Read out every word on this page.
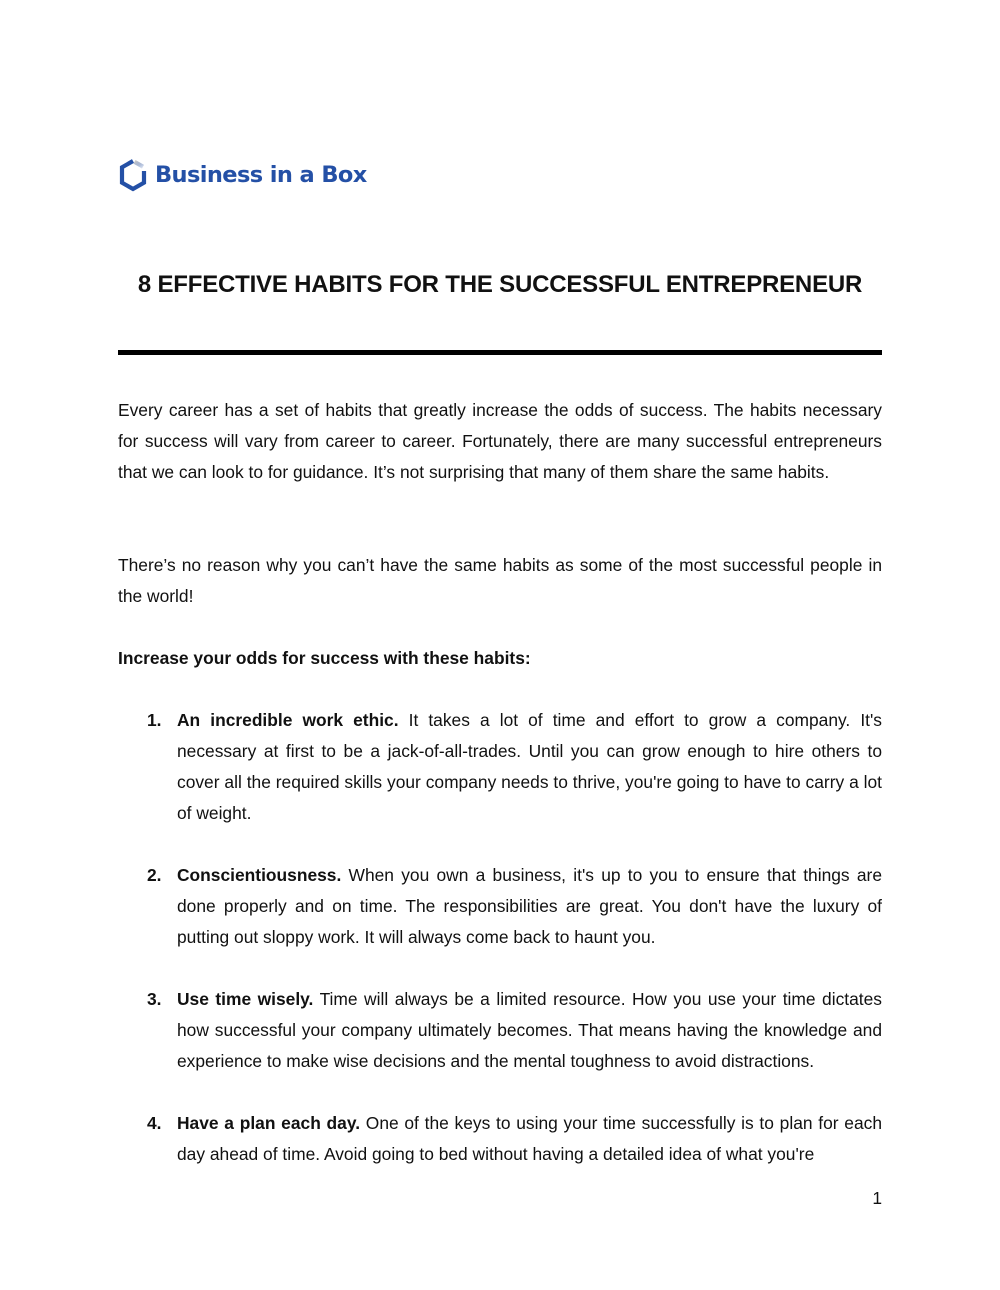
Business in a Box
8 EFFECTIVE HABITS FOR THE SUCCESSFUL ENTREPRENEUR

Every career has a set of habits that greatly increase the odds of success. The habits necessary for success will vary from career to career. Fortunately, there are many successful entrepreneurs that we can look to for guidance. It’s not surprising that many of them share the same habits.

There’s no reason why you can’t have the same habits as some of the most successful people in the world!

Increase your odds for success with these habits:

1. An incredible work ethic. It takes a lot of time and effort to grow a company. It's necessary at first to be a jack-of-all-trades. Until you can grow enough to hire others to cover all the required skills your company needs to thrive, you're going to have to carry a lot of weight.
2. Conscientiousness. When you own a business, it's up to you to ensure that things are done properly and on time. The responsibilities are great. You don't have the luxury of putting out sloppy work. It will always come back to haunt you.
3. Use time wisely. Time will always be a limited resource. How you use your time dictates how successful your company ultimately becomes. That means having the knowledge and experience to make wise decisions and the mental toughness to avoid distractions.
4. Have a plan each day. One of the keys to using your time successfully is to plan for each day ahead of time. Avoid going to bed without having a detailed idea of what you're
1
